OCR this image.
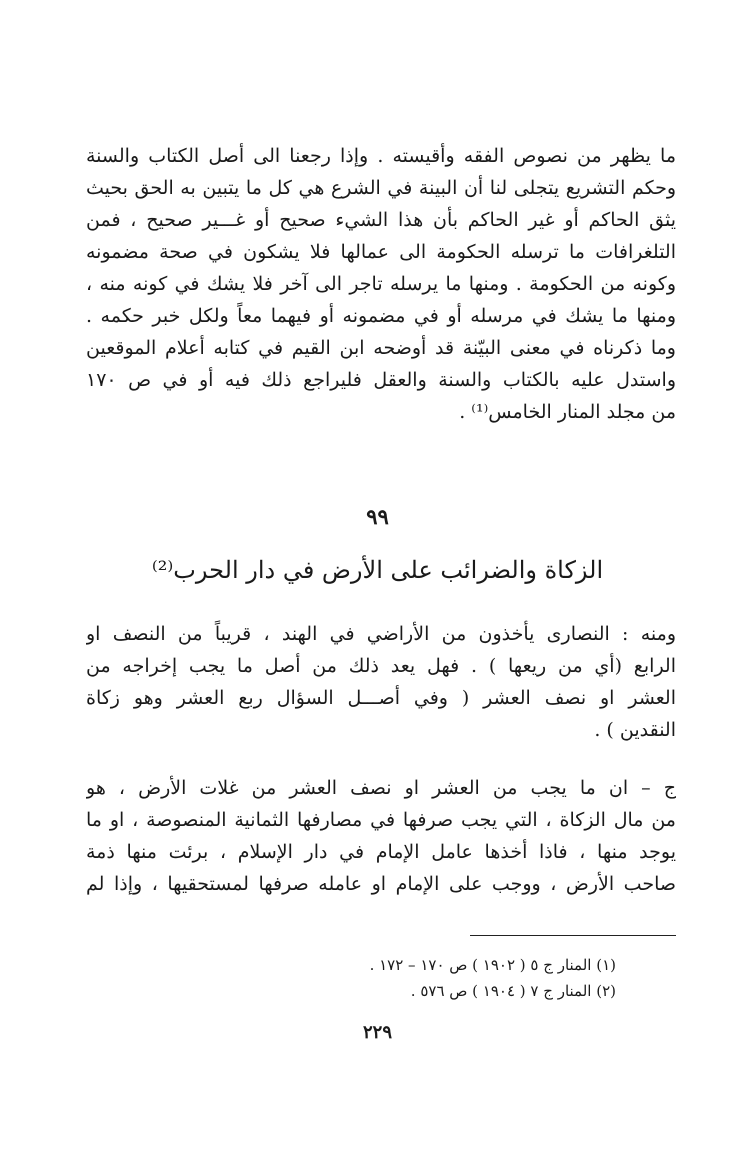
ما يظهر من نصوص الفقه وأقيسته . وإذا رجعنا الى أصل الكتاب والسنة
وحكم التشريع يتجلى لنا أن البينة في الشرع هي كل ما يتبين به الحق بحيث
يثق الحاكم أو غير الحاكم بأن هذا الشيء صحيح أو غـــير صحيح ، فمن
التلغرافات ما ترسله الحكومة الى عمالها فلا يشكون في صحة مضمونه
وكونه من الحكومة . ومنها ما يرسله تاجر الى آخر فلا يشك في كونه منه ،
ومنها ما يشك في مرسله أو في مضمونه أو فيهما معاً ولكل خبر حكمه .
وما ذكرناه في معنى البيّنة قد أوضحه ابن القيم في كتابه أعلام الموقعين
واستدل عليه بالكتاب والسنة والعقل فليراجع ذلك فيه أو في ص ١٧٠
من مجلد المنار الخامس⁽¹⁾ .
٩٩
الزكاة والضرائب على الأرض في دار الحرب⁽²⁾
ومنه : النصارى يأخذون من الأراضي في الهند ، قريباً من النصف او
الرابع (أي من ريعها ) . فهل يعد ذلك من أصل ما يجب إخراجه من
العشر او نصف العشر ( وفي أصـــل السؤال ربع العشر وهو زكاة
النقدين ) .
ج – ان ما يجب من العشر او نصف العشر من غلات الأرض ، هو
من مال الزكاة ، التي يجب صرفها في مصارفها الثمانية المنصوصة ، او ما
يوجد منها ، فاذا أخذها عامل الإمام في دار الإسلام ، برئت منها ذمة
صاحب الأرض ، ووجب على الإمام او عامله صرفها لمستحقيها ، وإذا لم
(١) المنار ج ٥ ( ١٩٠٢ ) ص ١٧٠ – ١٧٢ .
(٢) المنار ج ٧ ( ١٩٠٤ ) ص ٥٧٦ .
٢٢٩
